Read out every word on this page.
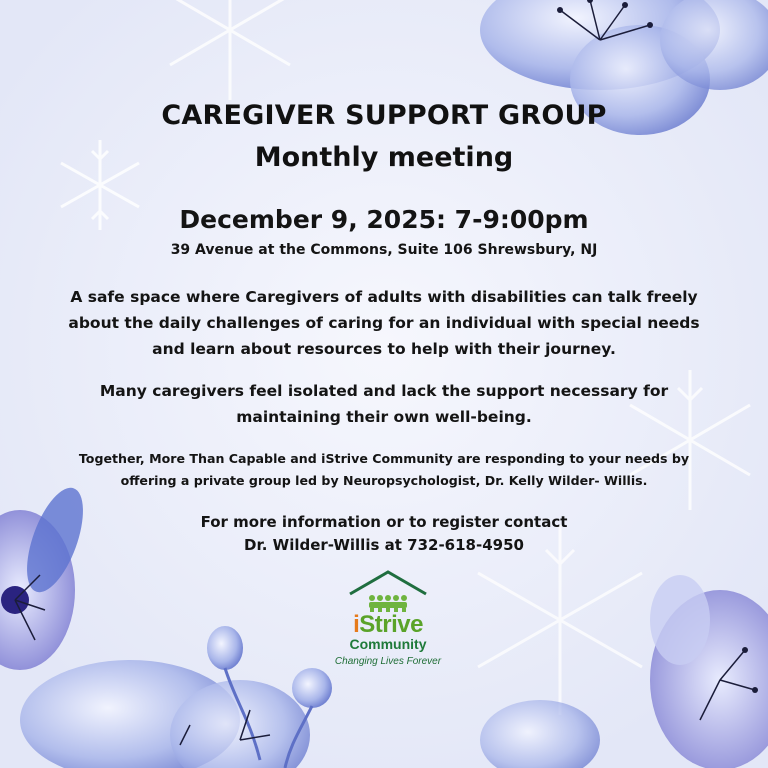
CAREGIVER SUPPORT GROUP
Monthly meeting
December 9, 2025: 7-9:00pm
39 Avenue at the Commons, Suite 106 Shrewsbury, NJ
A safe space where Caregivers of adults with disabilities can talk freely
about the daily challenges of caring for an individual with special needs
and learn about resources to help with their journey.
Many caregivers feel isolated and lack the support necessary for
maintaining their own well-being.
Together, More Than Capable and iStrive Community are responding to your needs by
offering a private group led by Neuropsychologist, Dr. Kelly Wilder- Willis.
For more information or to register contact
Dr. Wilder-Willis at 732-618-4950
iStrive
Community
Changing Lives Forever
